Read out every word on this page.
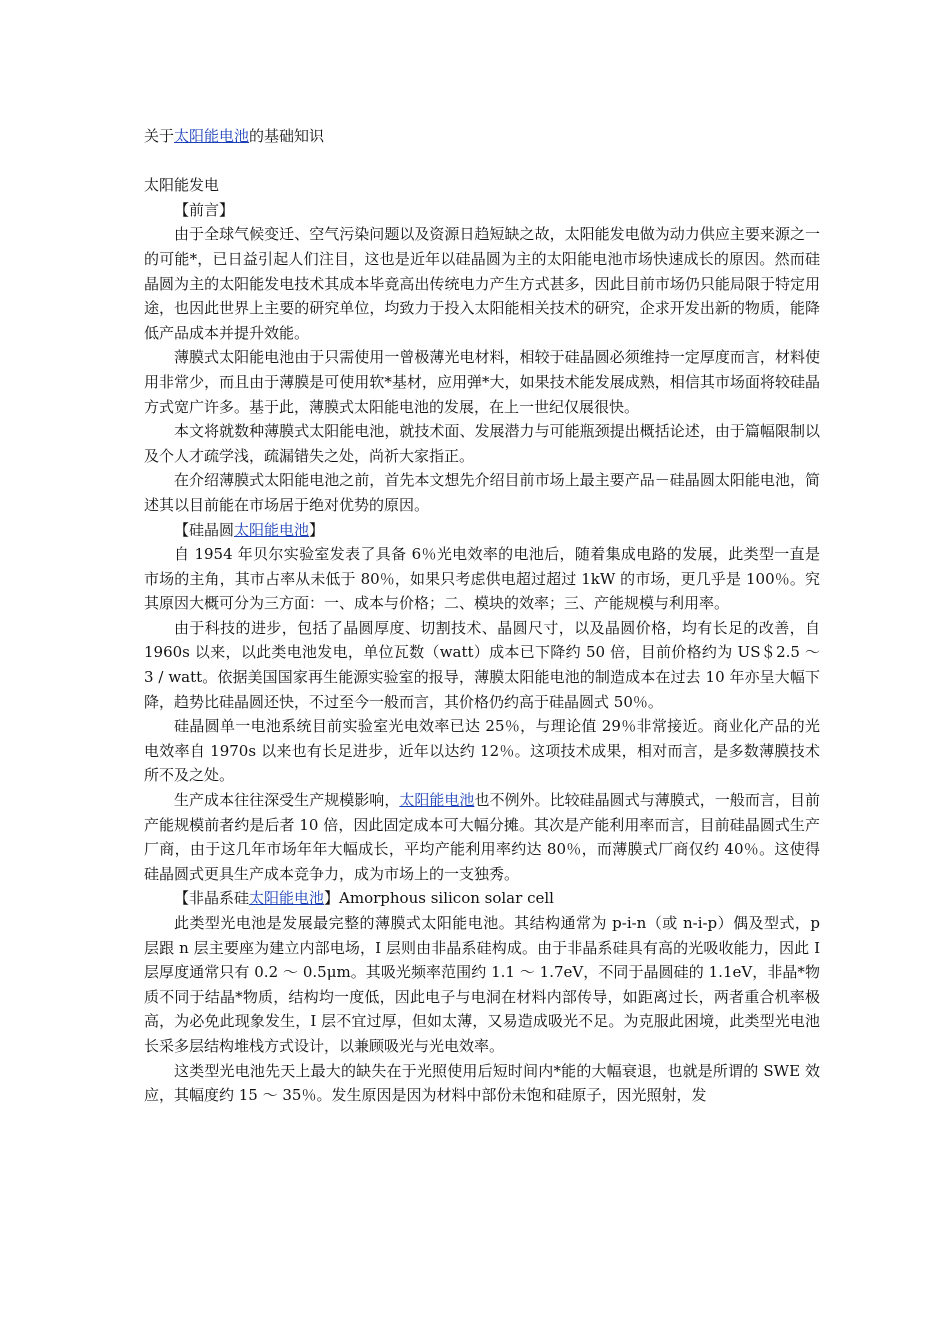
关于太阳能电池的基础知识

太阳能发电

【前言】

由于全球气候变迁、空气污染问题以及资源日趋短缺之故，太阳能发电做为动力供应主要来源之一的可能*，已日益引起人们注目，这也是近年以硅晶圆为主的太阳能电池市场快速成长的原因。然而硅晶圆为主的太阳能发电技术其成本毕竟高出传统电力产生方式甚多，因此目前市场仍只能局限于特定用途，也因此世界上主要的研究单位，均致力于投入太阳能相关技术的研究，企求开发出新的物质，能降低产品成本并提升效能。

薄膜式太阳能电池由于只需使用一曾极薄光电材料，相较于硅晶圆必须维持一定厚度而言，材料使用非常少，而且由于薄膜是可使用软*基材，应用弹*大，如果技术能发展成熟，相信其市场面将较硅晶方式宽广许多。基于此，薄膜式太阳能电池的发展，在上一世纪仅展很快。

本文将就数种薄膜式太阳能电池，就技术面、发展潜力与可能瓶颈提出概括论述，由于篇幅限制以及个人才疏学浅，疏漏错失之处，尚祈大家指正。

在介绍薄膜式太阳能电池之前，首先本文想先介绍目前市场上最主要产品－硅晶圆太阳能电池，简述其以目前能在市场居于绝对优势的原因。

【硅晶圆太阳能电池】

自 1954 年贝尔实验室发表了具备 6％光电效率的电池后，随着集成电路的发展，此类型一直是市场的主角，其市占率从未低于 80％，如果只考虑供电超过超过 1kW 的市场，更几乎是 100％。究其原因大概可分为三方面：一、成本与价格；二、模块的效率；三、产能规模与利用率。

由于科技的进步，包括了晶圆厚度、切割技术、晶圆尺寸，以及晶圆价格，均有长足的改善，自 1960s 以来，以此类电池发电，单位瓦数（watt）成本已下降约 50 倍，目前价格约为 US＄2.5 ～ 3 / watt。依据美国国家再生能源实验室的报导，薄膜太阳能电池的制造成本在过去 10 年亦呈大幅下降，趋势比硅晶圆还快，不过至今一般而言，其价格仍约高于硅晶圆式 50％。

硅晶圆单一电池系统目前实验室光电效率已达 25％，与理论值 29％非常接近。商业化产品的光电效率自 1970s 以来也有长足进步，近年以达约 12％。这项技术成果，相对而言，是多数薄膜技术所不及之处。

生产成本往往深受生产规模影响，太阳能电池也不例外。比较硅晶圆式与薄膜式，一般而言，目前产能规模前者约是后者 10 倍，因此固定成本可大幅分摊。其次是产能利用率而言，目前硅晶圆式生产厂商，由于这几年市场年年大幅成长，平均产能利用率约达 80％，而薄膜式厂商仅约 40％。这使得硅晶圆式更具生产成本竞争力，成为市场上的一支独秀。

【非晶系硅太阳能电池】Amorphous silicon solar cell

此类型光电池是发展最完整的薄膜式太阳能电池。其结构通常为 p-i-n（或 n-i-p）偶及型式，p 层跟 n 层主要座为建立内部电场，I 层则由非晶系硅构成。由于非晶系硅具有高的光吸收能力，因此 I 层厚度通常只有 0.2 ～ 0.5μm。其吸光频率范围约 1.1 ～ 1.7eV，不同于晶圆硅的 1.1eV，非晶*物质不同于结晶*物质，结构均一度低，因此电子与电洞在材料内部传导，如距离过长，两者重合机率极高，为必免此现象发生，I 层不宜过厚，但如太薄，又易造成吸光不足。为克服此困境，此类型光电池长采多层结构堆栈方式设计，以兼顾吸光与光电效率。

这类型光电池先天上最大的缺失在于光照使用后短时间内*能的大幅衰退，也就是所谓的 SWE 效应，其幅度约 15 ～ 35％。发生原因是因为材料中部份未饱和硅原子，因光照射，发
